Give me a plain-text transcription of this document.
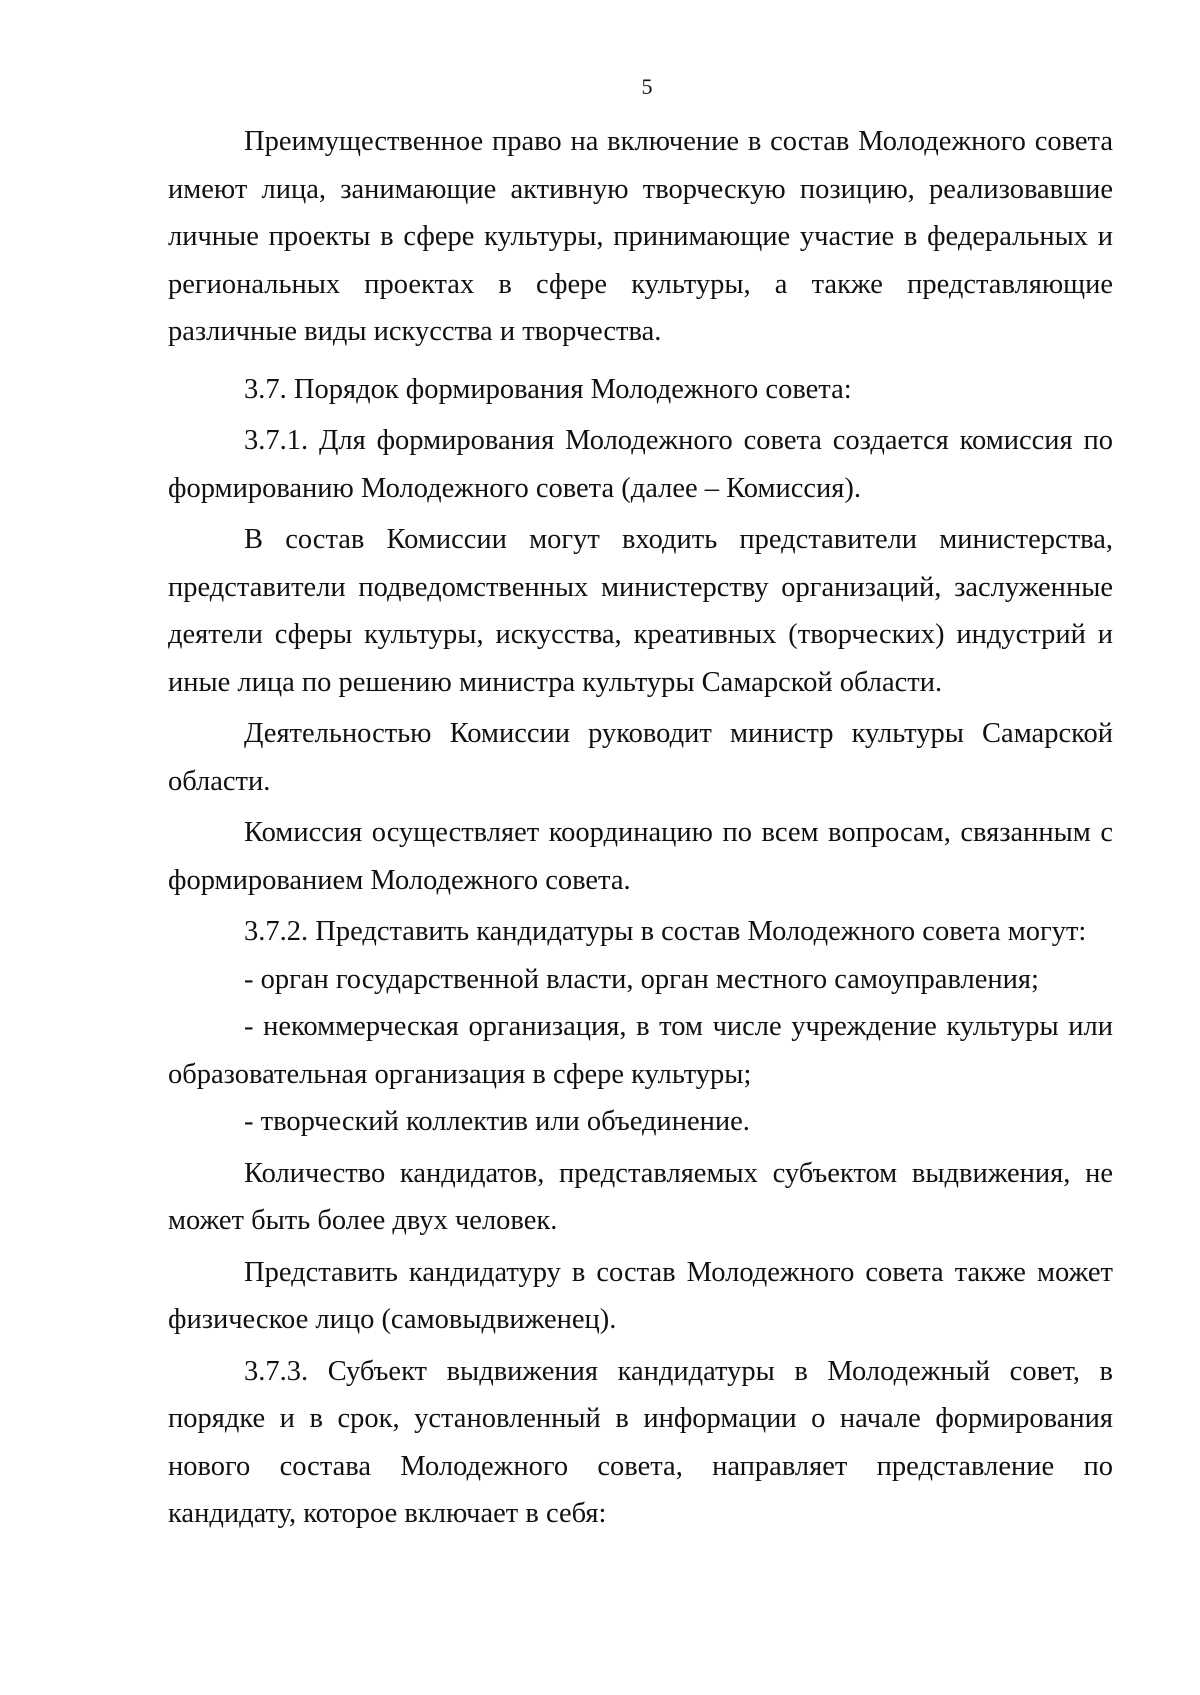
5

Преимущественное право на включение в состав Молодежного совета имеют лица, занимающие активную творческую позицию, реализовавшие личные проекты в сфере культуры, принимающие участие в федеральных и региональных проектах в сфере культуры, а также представляющие различные виды искусства и творчества.

3.7. Порядок формирования Молодежного совета:

3.7.1. Для формирования Молодежного совета создается комиссия по формированию Молодежного совета (далее – Комиссия).

В состав Комиссии могут входить представители министерства, представители подведомственных министерству организаций, заслуженные деятели сферы культуры, искусства, креативных (творческих) индустрий и иные лица по решению министра культуры Самарской области.

Деятельностью Комиссии руководит министр культуры Самарской области.

Комиссия осуществляет координацию по всем вопросам, связанным с формированием Молодежного совета.

3.7.2. Представить кандидатуры в состав Молодежного совета могут:

- орган государственной власти, орган местного самоуправления;

- некоммерческая организация, в том числе учреждение культуры или образовательная организация в сфере культуры;

- творческий коллектив или объединение.

Количество кандидатов, представляемых субъектом выдвижения, не может быть более двух человек.

Представить кандидатуру в состав Молодежного совета также может физическое лицо (самовыдвиженец).

3.7.3. Субъект выдвижения кандидатуры в Молодежный совет, в порядке и в срок, установленный в информации о начале формирования нового состава Молодежного совета, направляет представление по кандидату, которое включает в себя:
